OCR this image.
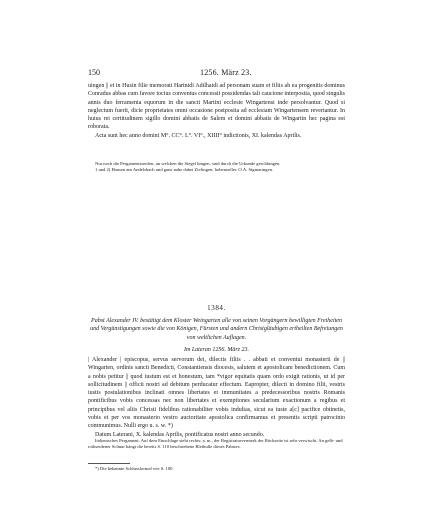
150	1256. März 23.

uingen || et in Husin filie memorati Hartnidi Adilhaidi ad personam suam et filiis ab ea progenitis dominus Conradus abbas cum favore tocius conventus concessit possidendas tali caucione interposita, quod singulis annis duo ferramenta equorum in die sancti Martini ecclesie Wingartensi inde persolvantur. Quod si neglectum fuerit, dicte proprietates omni occasione postposita ad ecclesiam Wingartensem revertantur. In huius rei certitudinem sigillo domini abbatis de Salem et domini abbatis de Wingartin hec pagina est roborata.

Acta sunt hec anno domini M°. CC°. L°. VI°., XIIII° indictionis, XI. kalendas Aprilis.

Nur noch die Pergamentstreifen, an welchen die Siegel hingen, sind durch die Urkunde geschlungen.

1 und 2) Hausen am Andelsbach und ganz nahe dabei Ziefingen, hohenzoller. O.A. Sigmaringen.

1384.

Pabst Alexander IV. bestätigt dem Kloster Weingarten alle von seinen Vorgängern bewilligten Freiheiten und Vergünstigungen sowie die von Königen, Fürsten und andern Christgläubigen ertheilten Befreiungen von weltlichen Auflagen.

Im Lateran 1256. März 23.

| Alexander | episcopus, servus servorum dei, dilectis filiis . . abbati et conventui monasterii de || Wingarten, ordinis sancti Benedicti, Constantiensis diocesis, salutem et apostolicam benedictionem. Cum a nobis petitur || quod iustum est et honestum, tam *vigor equitatis quam ordo exigit rationis, ut id per sollicitudinem || officii nostri ad debitum perducatur effectum. Eapropter, dilecti in domino filii, vestris iustis postulationibus inclinati omnes libertates et immunitates a predecessoribus nostris Romanis pontificibus vobis concessas nec non libertates et exemptiones secularium exactionum a regibus et principibus vel aliis Christi fidelibus rationabiliter vobis indultas, sicut ea iuste a[c] pacifice obtinetis, vobis et per vos monasterio vestro auctoritate apostolica confirmamus et presentis scripti patrocinio communimus. Nulli ergo u. s. w. *)

Datum Laterani, X. kalendas Aprilis, pontificatus nostri anno secundo.

Italienisches Pergament. Auf dem Einschlage steht rechts: a. m., der Registraturvermerk der Rückseite ist sehr verwischt. An gelb- und rothseidener Schnur hängt die bereits S. 110 beschriebene Bleibulle dieses Pabstes.

*) Die bekannte Schlussformel wie S. 100.
